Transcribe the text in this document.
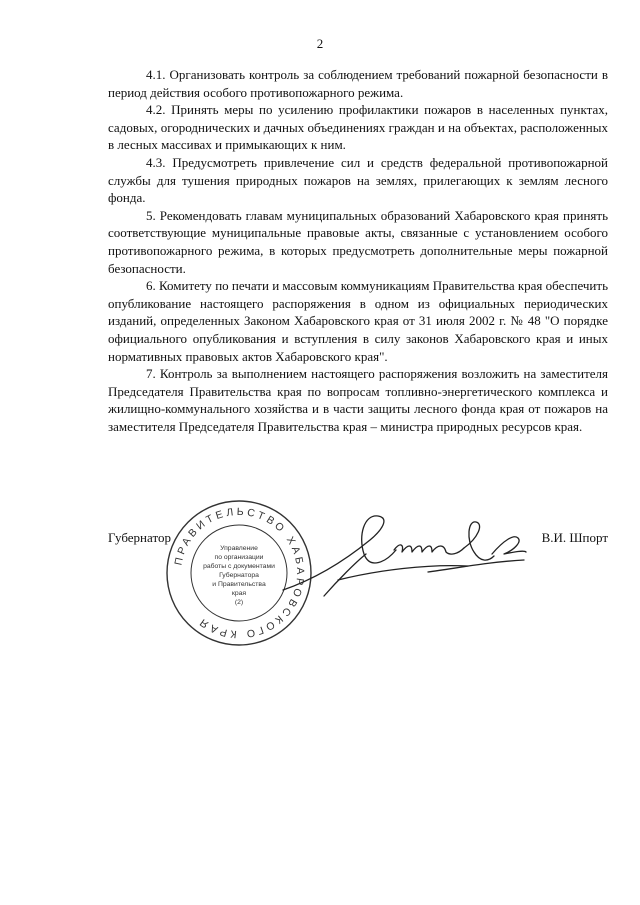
2

4.1. Организовать контроль за соблюдением требований пожарной безопасности в период действия особого противопожарного режима.

4.2. Принять меры по усилению профилактики пожаров в населенных пунктах, садовых, огороднических и дачных объединениях граждан и на объектах, расположенных в лесных массивах и примыкающих к ним.

4.3. Предусмотреть привлечение сил и средств федеральной противопожарной службы для тушения природных пожаров на землях, прилегающих к землям лесного фонда.

5. Рекомендовать главам муниципальных образований Хабаровского края принять соответствующие муниципальные правовые акты, связанные с установлением особого противопожарного режима, в которых предусмотреть дополнительные меры пожарной безопасности.

6. Комитету по печати и массовым коммуникациям Правительства края обеспечить опубликование настоящего распоряжения в одном из официальных периодических изданий, определенных Законом Хабаровского края от 31 июля 2002 г. № 48 "О порядке официального опубликования и вступления в силу законов Хабаровского края и иных нормативных правовых актов Хабаровского края".

7. Контроль за выполнением настоящего распоряжения возложить на заместителя Председателя Правительства края по вопросам топливно-энергетического комплекса и жилищно-коммунального хозяйства и в части защиты лесного фонда края от пожаров на заместителя Председателя Правительства края – министра природных ресурсов края.

Губернатор
ПРАВИТЕЛЬСТВО ХАБАРОВСКОГО КРАЯ
Управление
по организации
работы с документами
Губернатора
и Правительства
края
(2)
В.И. Шпорт
